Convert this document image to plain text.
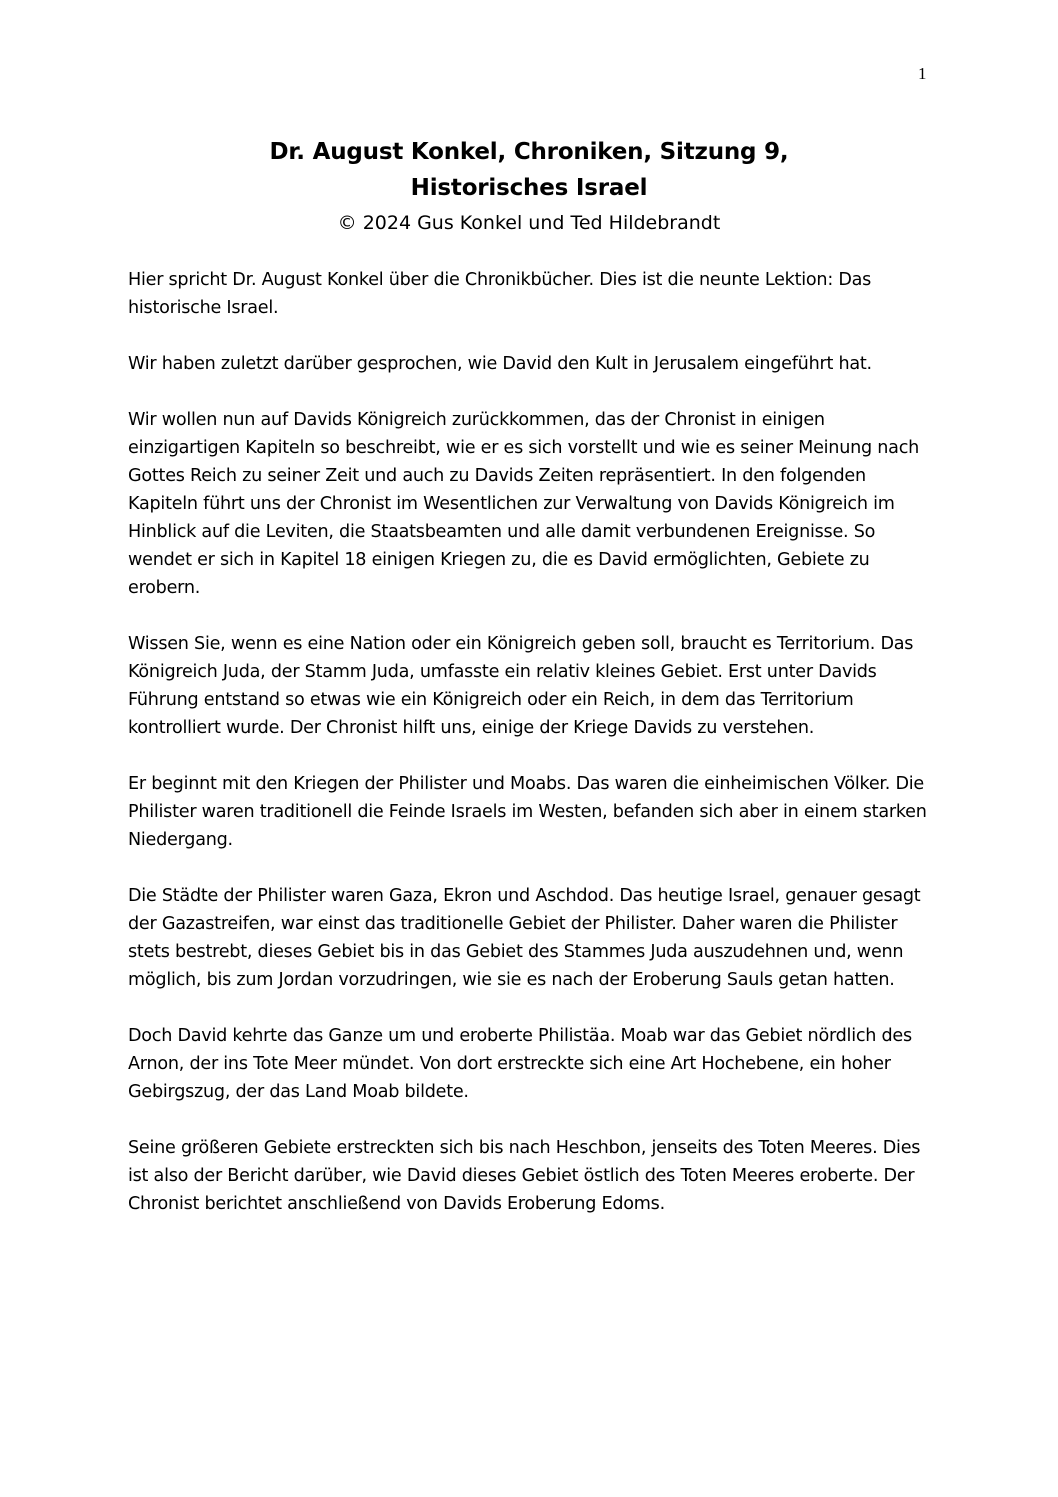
1
Dr. August Konkel, Chroniken, Sitzung 9,
Historisches Israel
© 2024 Gus Konkel und Ted Hildebrandt

Hier spricht Dr. August Konkel über die Chronikbücher. Dies ist die neunte Lektion: Das historische Israel.

Wir haben zuletzt darüber gesprochen, wie David den Kult in Jerusalem eingeführt hat.

Wir wollen nun auf Davids Königreich zurückkommen, das der Chronist in einigen einzigartigen Kapiteln so beschreibt, wie er es sich vorstellt und wie es seiner Meinung nach Gottes Reich zu seiner Zeit und auch zu Davids Zeiten repräsentiert. In den folgenden Kapiteln führt uns der Chronist im Wesentlichen zur Verwaltung von Davids Königreich im Hinblick auf die Leviten, die Staatsbeamten und alle damit verbundenen Ereignisse. So wendet er sich in Kapitel 18 einigen Kriegen zu, die es David ermöglichten, Gebiete zu erobern.

Wissen Sie, wenn es eine Nation oder ein Königreich geben soll, braucht es Territorium. Das Königreich Juda, der Stamm Juda, umfasste ein relativ kleines Gebiet. Erst unter Davids Führung entstand so etwas wie ein Königreich oder ein Reich, in dem das Territorium kontrolliert wurde. Der Chronist hilft uns, einige der Kriege Davids zu verstehen.

Er beginnt mit den Kriegen der Philister und Moabs. Das waren die einheimischen Völker. Die Philister waren traditionell die Feinde Israels im Westen, befanden sich aber in einem starken Niedergang.

Die Städte der Philister waren Gaza, Ekron und Aschdod. Das heutige Israel, genauer gesagt der Gazastreifen, war einst das traditionelle Gebiet der Philister. Daher waren die Philister stets bestrebt, dieses Gebiet bis in das Gebiet des Stammes Juda auszudehnen und, wenn möglich, bis zum Jordan vorzudringen, wie sie es nach der Eroberung Sauls getan hatten.

Doch David kehrte das Ganze um und eroberte Philistäa. Moab war das Gebiet nördlich des Arnon, der ins Tote Meer mündet. Von dort erstreckte sich eine Art Hochebene, ein hoher Gebirgszug, der das Land Moab bildete.

Seine größeren Gebiete erstreckten sich bis nach Heschbon, jenseits des Toten Meeres. Dies ist also der Bericht darüber, wie David dieses Gebiet östlich des Toten Meeres eroberte. Der Chronist berichtet anschließend von Davids Eroberung Edoms.
